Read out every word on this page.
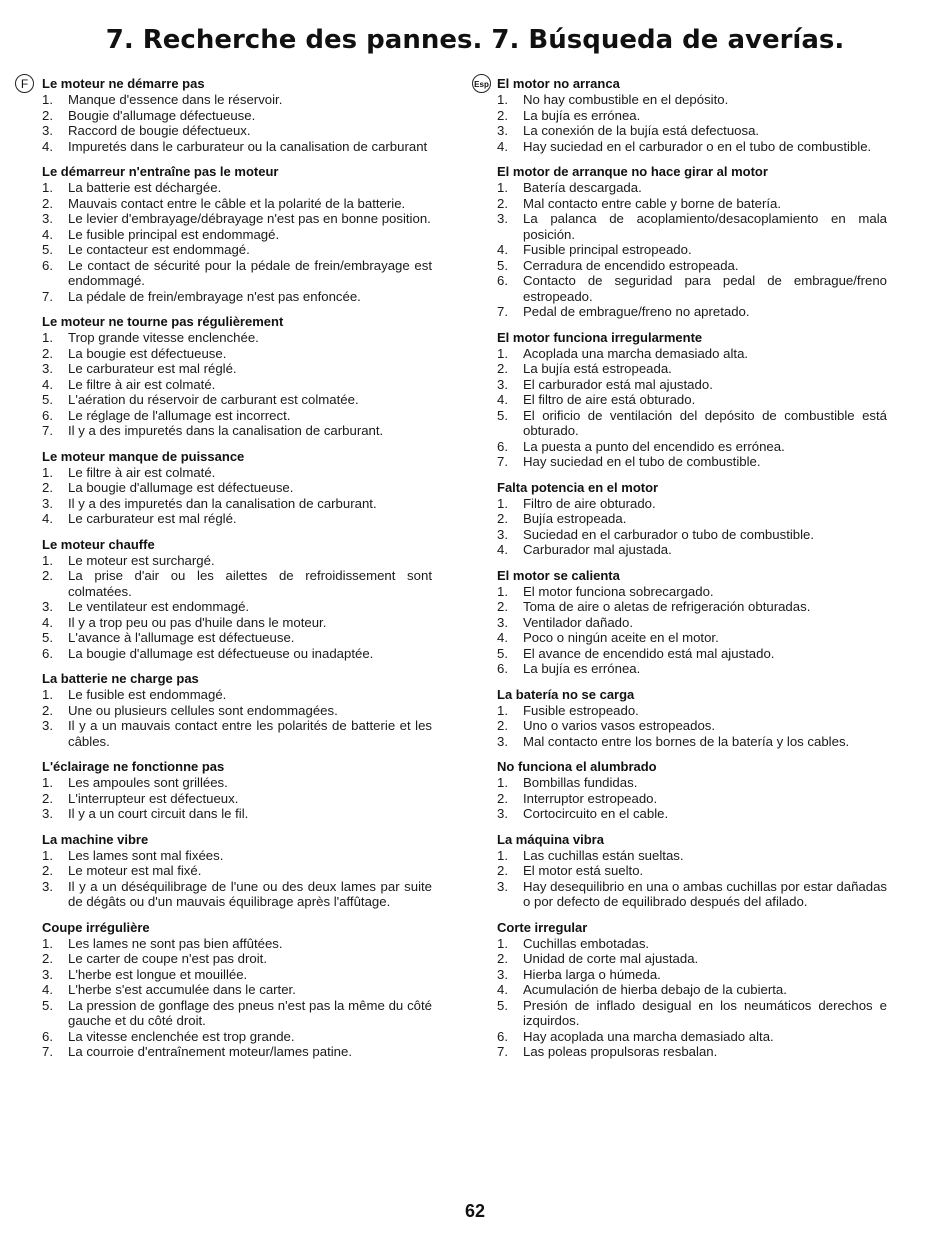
7. Recherche des pannes. 7. Búsqueda de averías.
F	Le moteur ne démarre pas
1. Manque d'essence dans le réservoir.
2. Bougie d'allumage défectueuse.
3. Raccord de bougie défectueux.
4. Impuretés dans le carburateur ou la canalisation de carburant
Le démarreur n'entraîne pas le moteur
1. La batterie est déchargée.
2. Mauvais contact entre le câble et la polarité de la batterie.
3. Le levier d'embrayage/débrayage n'est pas en bonne position.
4. Le fusible principal est endommagé.
5. Le contacteur est endommagé.
6. Le contact de sécurité pour la pédale de frein/embrayage est endommagé.
7. La pédale de frein/embrayage n'est pas enfoncée.
Le moteur ne tourne pas régulièrement
1. Trop grande vitesse enclenchée.
2. La bougie est défectueuse.
3. Le carburateur est mal réglé.
4. Le filtre à air est colmaté.
5. L'aération du réservoir de carburant est colmatée.
6. Le réglage de l'allumage est incorrect.
7. Il y a des impuretés dans la canalisation de carburant.
Le moteur manque de puissance
1. Le filtre à air est colmaté.
2. La bougie d'allumage est défectueuse.
3. Il y a des impuretés dan la canalisation de carburant.
4. Le carburateur est mal réglé.
Le moteur chauffe
1. Le moteur est surchargé.
2. La prise d'air ou les ailettes de refroidissement sont colmatées.
3. Le ventilateur est endommagé.
4. Il y a trop peu ou pas d'huile dans le moteur.
5. L'avance à l'allumage est défectueuse.
6. La bougie d'allumage est défectueuse ou inadaptée.
La batterie ne charge pas
1. Le fusible est endommagé.
2. Une ou plusieurs cellules sont endommagées.
3. Il y a un mauvais contact entre les polarités de batterie et les câbles.
L'éclairage ne fonctionne pas
1. Les ampoules sont grillées.
2. L'interrupteur est défectueux.
3. Il y a un court circuit dans le fil.
La machine vibre
1. Les lames sont mal fixées.
2. Le moteur est mal fixé.
3. Il y a un déséquilibrage de l'une ou des deux lames par suite de dégâts ou d'un mauvais équilibrage après l'affûtage.
Coupe irrégulière
1. Les lames ne sont pas bien affûtées.
2. Le carter de coupe n'est pas droit.
3. L'herbe est longue et mouillée.
4. L'herbe s'est accumulée dans le carter.
5. La pression de gonflage des pneus n'est pas la même du côté gauche et du côté droit.
6. La vitesse enclenchée est trop grande.
7. La courroie d'entraînement moteur/lames patine.
Esp El motor no arranca
1. No hay combustible en el depósito.
2. La bujía es errónea.
3. La conexión de la bujía está defectuosa.
4. Hay suciedad en el carburador o en el tubo de combustible.
El motor de arranque no hace girar al motor
1. Batería descargada.
2. Mal contacto entre cable y borne de batería.
3. La palanca de acoplamiento/desacoplamiento en mala posición.
4. Fusible principal estropeado.
5. Cerradura de encendido estropeada.
6. Contacto de seguridad para pedal de embrague/freno estropeado.
7. Pedal de embrague/freno no apretado.
El motor funciona irregularmente
1. Acoplada una marcha demasiado alta.
2. La bujía está estropeada.
3. El carburador está mal ajustado.
4. El filtro de aire está obturado.
5. El orificio de ventilación del depósito de combustible está obturado.
6. La puesta a punto del encendido es errónea.
7. Hay suciedad en el tubo de combustible.
Falta potencia en el motor
1. Filtro de aire obturado.
2. Bujía estropeada.
3. Suciedad en el carburador o tubo de combustible.
4. Carburador mal ajustada.
El motor se calienta
1. El motor funciona sobrecargado.
2. Toma de aire o aletas de refrigeración obturadas.
3. Ventilador dañado.
4. Poco o ningún aceite en el motor.
5. El avance de encendido está mal ajustado.
6. La bujía es errónea.
La batería no se carga
1. Fusible estropeado.
2. Uno o varios vasos estropeados.
3. Mal contacto entre los bornes de la batería y los cables.
No funciona el alumbrado
1. Bombillas fundidas.
2. Interruptor estropeado.
3. Cortocircuito en el cable.
La máquina vibra
1. Las cuchillas están sueltas.
2. El motor está suelto.
3. Hay desequilibrio en una o ambas cuchillas por estar dañadas o por defecto de equilibrado después del afilado.
Corte irregular
1. Cuchillas embotadas.
2. Unidad de corte mal ajustada.
3. Hierba larga o húmeda.
4. Acumulación de hierba debajo de la cubierta.
5. Presión de inflado desigual en los neumáticos derechos e izquirdos.
6. Hay acoplada una marcha demasiado alta.
7. Las poleas propulsoras resbalan.
62
